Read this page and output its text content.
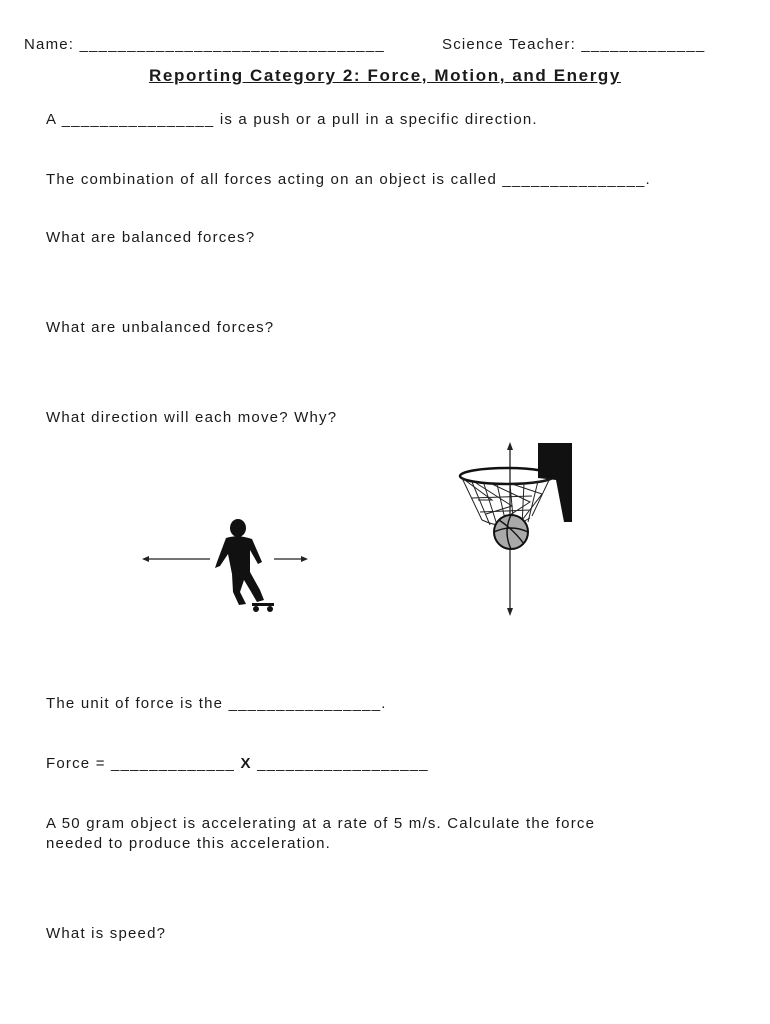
Name: ________________________________	Science Teacher: _____________

Reporting Category 2: Force, Motion, and Energy

A ________________ is a push or a pull in a specific direction.

The combination of all forces acting on an object is called _______________.

What are balanced forces?

What are unbalanced forces?

What direction will each move? Why?

The unit of force is the ________________.

Force = _____________ X __________________

A 50 gram object is accelerating at a rate of 5 m/s. Calculate the force

needed to produce this acceleration.

What is speed?
